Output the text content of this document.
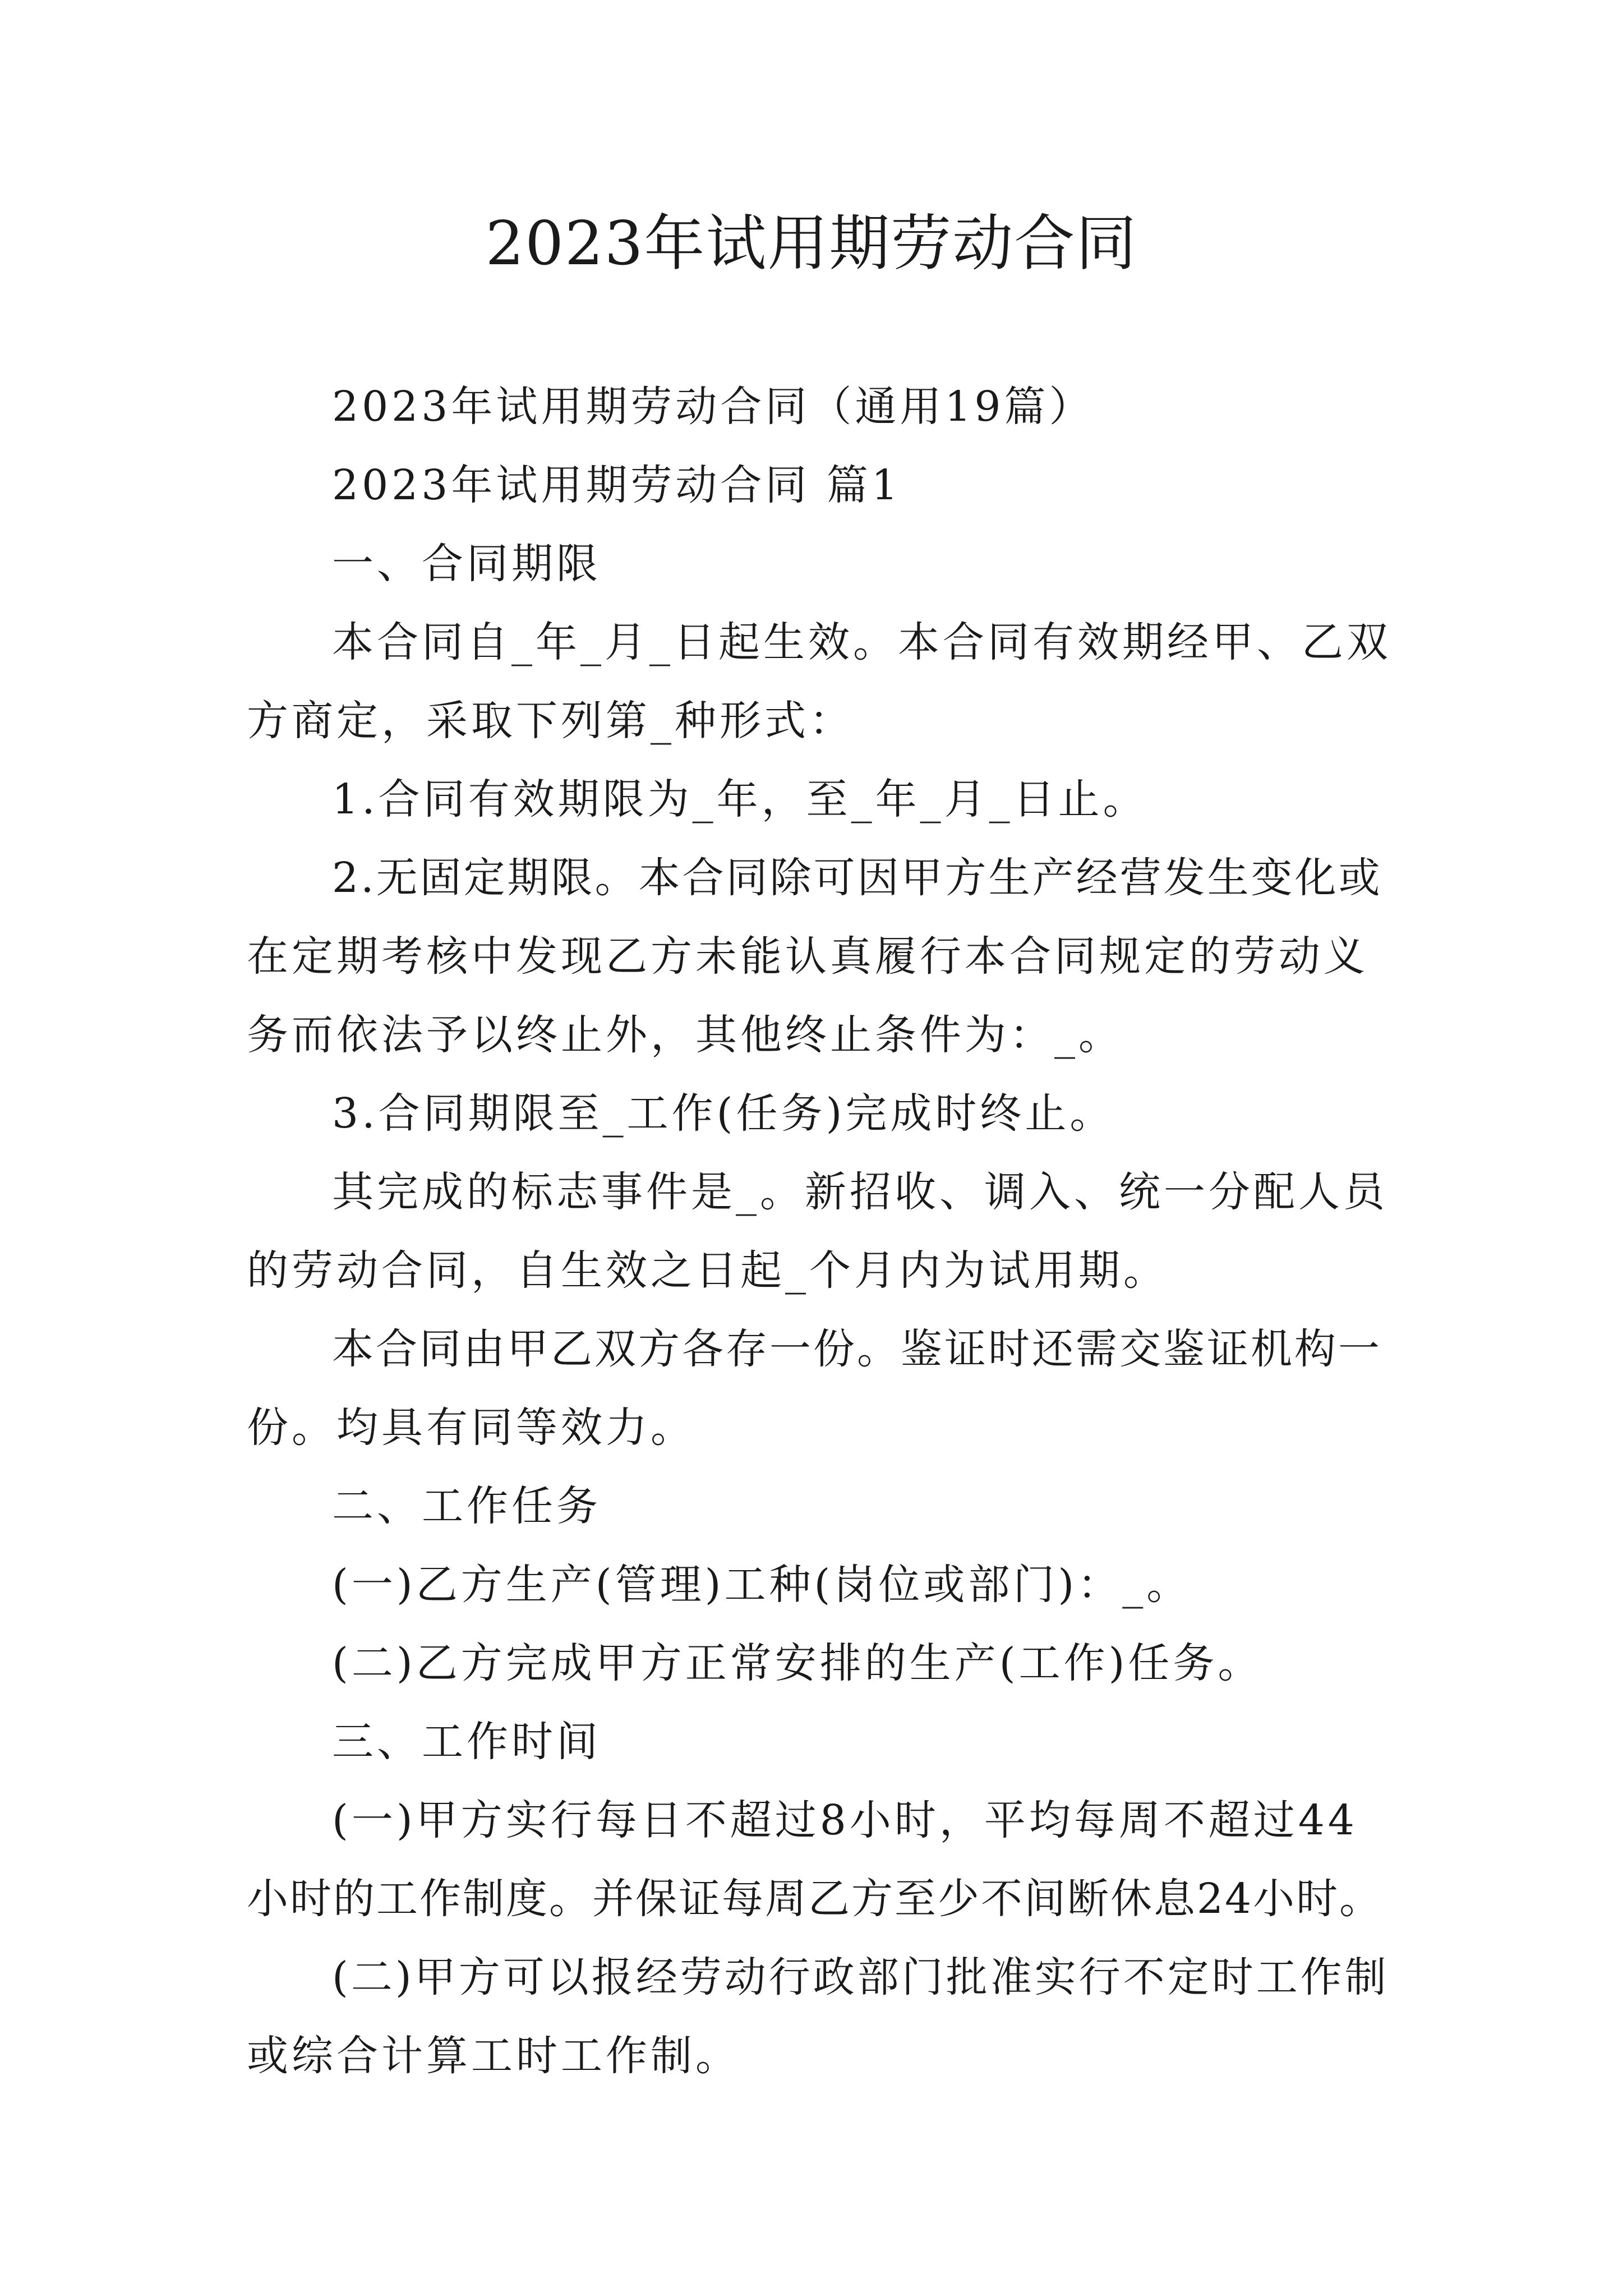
2023年试用期劳动合同
2023年试用期劳动合同（通用19篇）
2023年试用期劳动合同 篇1
一、合同期限
本合同自_年_月_日起生效。本合同有效期经甲、乙双
方商定，采取下列第_种形式：
1.合同有效期限为_年，至_年_月_日止。
2.无固定期限。本合同除可因甲方生产经营发生变化或
在定期考核中发现乙方未能认真履行本合同规定的劳动义
务而依法予以终止外，其他终止条件为：_。
3.合同期限至_工作(任务)完成时终止。
其完成的标志事件是_。新招收、调入、统一分配人员
的劳动合同，自生效之日起_个月内为试用期。
本合同由甲乙双方各存一份。鉴证时还需交鉴证机构一
份。均具有同等效力。
二、工作任务
(一)乙方生产(管理)工种(岗位或部门)：_。
(二)乙方完成甲方正常安排的生产(工作)任务。
三、工作时间
(一)甲方实行每日不超过8小时，平均每周不超过44
小时的工作制度。并保证每周乙方至少不间断休息24小时。
(二)甲方可以报经劳动行政部门批准实行不定时工作制
或综合计算工时工作制。
